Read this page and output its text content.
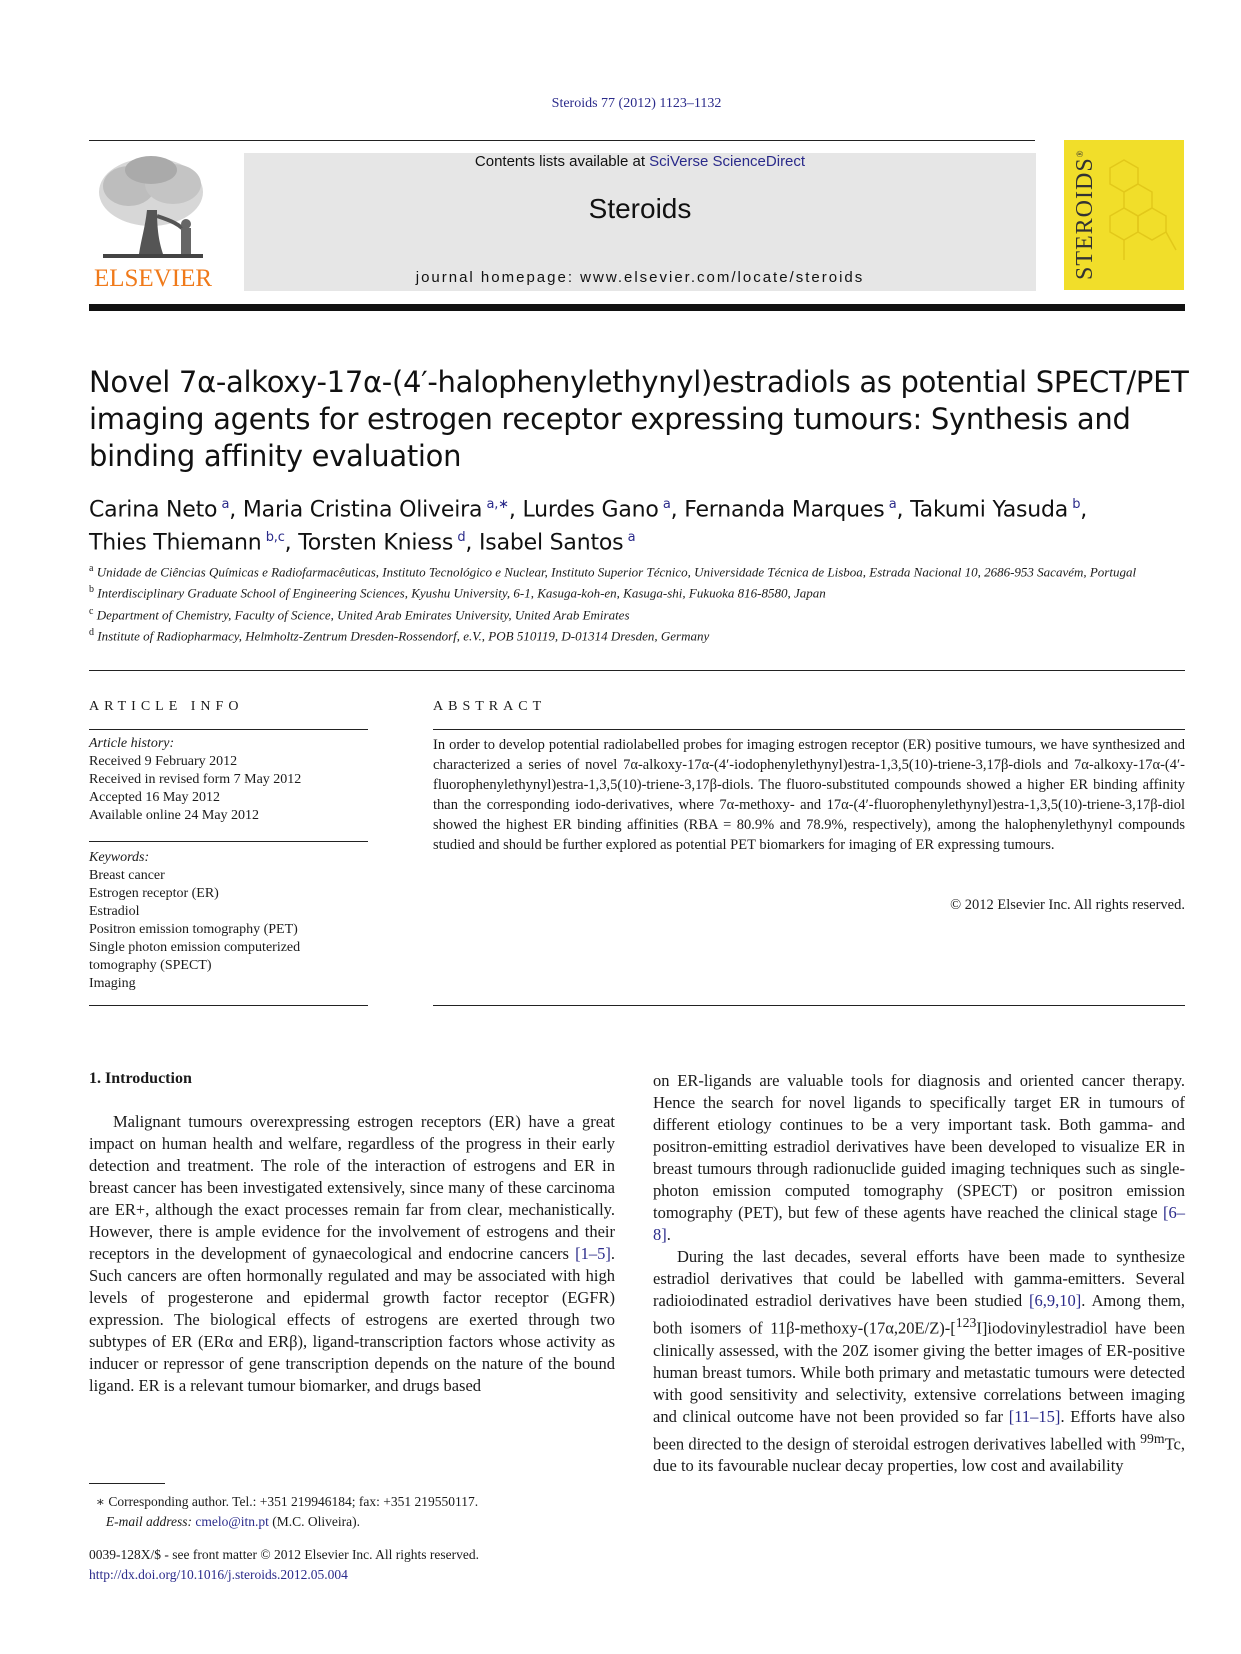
Steroids 77 (2012) 1123–1132
ELSEVIER
Contents lists available at SciVerse ScienceDirect
Steroids
journal homepage: www.elsevier.com/locate/steroids	STEROIDS®
Novel 7α-alkoxy-17α-(4′-halophenylethynyl)estradiols as potential SPECT/PET imaging agents for estrogen receptor expressing tumours: Synthesis and binding affinity evaluation
Carina Neto  $^a$, Maria Cristina Oliveira  $^{a,∗}$, Lurdes Gano  $^a$, Fernanda Marques  $^a$, Takumi Yasuda  $^b$,
Thies Thiemann  $^{b,c}$, Torsten Kniess  $^d$, Isabel Santos  $^a$
$^a$ Unidade de Ciências Químicas e Radiofarmacêuticas, Instituto Tecnológico e Nuclear, Instituto Superior Técnico, Universidade Técnica de Lisboa, Estrada Nacional 10, 2686-953 Sacavém, Portugal
$^b$ Interdisciplinary Graduate School of Engineering Sciences, Kyushu University, 6-1, Kasuga-koh-en, Kasuga-shi, Fukuoka 816-8580, Japan
$^c$ Department of Chemistry, Faculty of Science, United Arab Emirates University, United Arab Emirates
$^d$ Institute of Radiopharmacy, Helmholtz-Zentrum Dresden-Rossendorf, e.V., POB 510119, D-01314 Dresden, Germany
ARTICLE INFO
Article history:
Received 9 February 2012
Received in revised form 7 May 2012
Accepted 16 May 2012
Available online 24 May 2012
Keywords:
Breast cancer
Estrogen receptor (ER)
Estradiol
Positron emission tomography (PET)
Single photon emission computerized
tomography (SPECT)
Imaging
ABSTRACT
In order to develop potential radiolabelled probes for imaging estrogen receptor (ER) positive tumours, we have synthesized and characterized a series of novel 7α-alkoxy-17α-(4′-iodophenylethynyl)estra-1,3,5(10)-triene-3,17β-diols and 7α-alkoxy-17α-(4′-fluorophenylethynyl)estra-1,3,5(10)-triene-3,17β-diols. The fluoro-substituted compounds showed a higher ER binding affinity than the corresponding iodo-derivatives, where 7α-methoxy- and 17α-(4′-fluorophenylethynyl)estra-1,3,5(10)-triene-3,17β-diol showed the highest ER binding affinities (RBA = 80.9% and 78.9%, respectively), among the halophenylethynyl compounds studied and should be further explored as potential PET biomarkers for imaging of ER expressing tumours.
© 2012 Elsevier Inc. All rights reserved.
1. Introduction

Malignant tumours overexpressing estrogen receptors (ER) have a great impact on human health and welfare, regardless of the progress in their early detection and treatment. The role of the interaction of estrogens and ER in breast cancer has been investigated extensively, since many of these carcinoma are ER+, although the exact processes remain far from clear, mechanistically. However, there is ample evidence for the involvement of estrogens and their receptors in the development of gynaecological and endocrine cancers [1–5]. Such cancers are often hormonally regulated and may be associated with high levels of progesterone and epidermal growth factor receptor (EGFR) expression. The biological effects of estrogens are exerted through two subtypes of ER (ERα and ERβ), ligand-transcription factors whose activity as inducer or repressor of gene transcription depends on the nature of the bound ligand. ER is a relevant tumour biomarker, and drugs based

on ER-ligands are valuable tools for diagnosis and oriented cancer therapy. Hence the search for novel ligands to specifically target ER in tumours of different etiology continues to be a very important task. Both gamma- and positron-emitting estradiol derivatives have been developed to visualize ER in breast tumours through radionuclide guided imaging techniques such as single-photon emission computed tomography (SPECT) or positron emission tomography (PET), but few of these agents have reached the clinical stage [6–8].

During the last decades, several efforts have been made to synthesize estradiol derivatives that could be labelled with gamma-emitters. Several radioiodinated estradiol derivatives have been studied [6,9,10]. Among them, both isomers of 11β-methoxy-(17α,20E/Z)-[$^{123}$I]iodovinylestradiol have been clinically assessed, with the 20Z isomer giving the better images of ER-positive human breast tumors. While both primary and metastatic tumours were detected with good sensitivity and selectivity, extensive correlations between imaging and clinical outcome have not been provided so far [11–15]. Efforts have also been directed to the design of steroidal estrogen derivatives labelled with $^{99m}$Tc, due to its favourable nuclear decay properties, low cost and availability

∗ Corresponding author. Tel.: +351 219946184; fax: +351 219550117.
E-mail address: cmelo@itn.pt (M.C. Oliveira).
0039-128X/$ - see front matter © 2012 Elsevier Inc. All rights reserved.
http://dx.doi.org/10.1016/j.steroids.2012.05.004
